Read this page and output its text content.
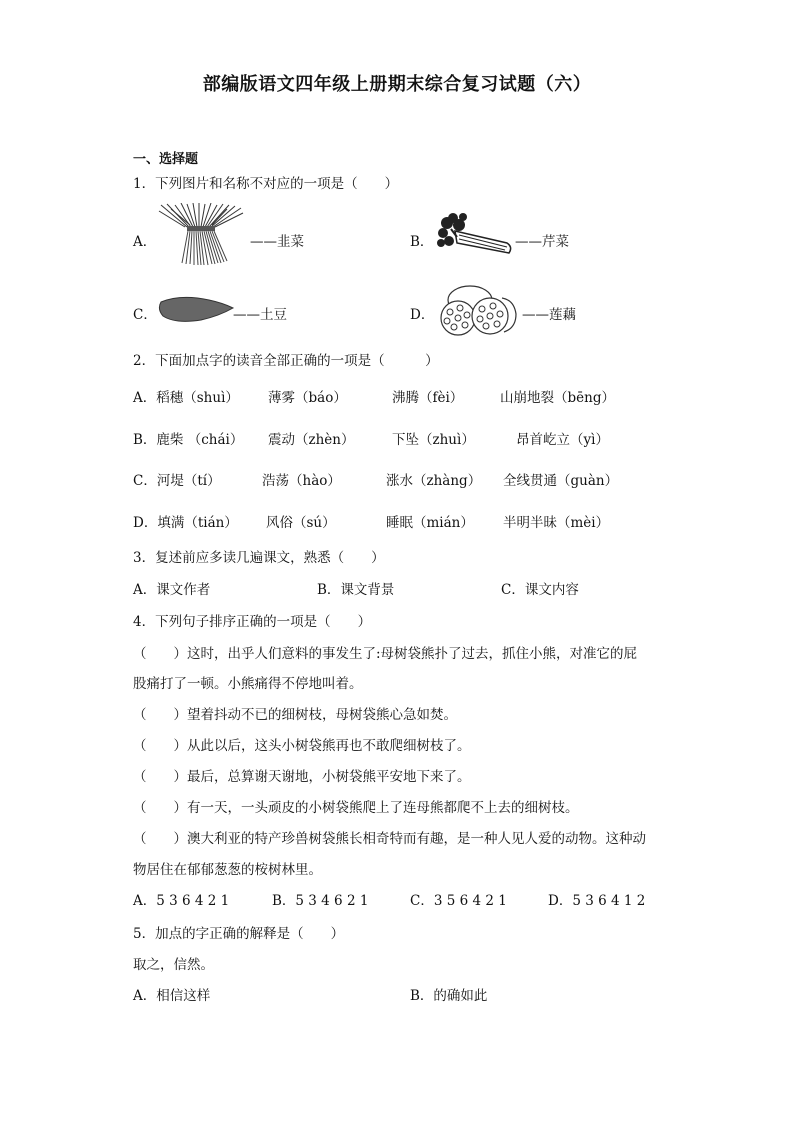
部编版语文四年级上册期末综合复习试题（六）
一、选择题
1．下列图片和名称不对应的一项是（　　）
A．	——韭菜	B．	——芹菜
C．	——土豆	D．	——莲藕
2．下面加点字的读音全部正确的一项是（　　　）
A．稻穗（shuì） 薄雾（báo）	沸腾（fèi）	山崩地裂（bēng）
B．鹿柴 （chái） 震动（zhèn）	下坠（zhuì）	昂首屹立（yì）
C．河堤（tí）	浩荡（hào）	涨水（zhàng） 全线贯通（guàn）
D．填满（tián） 风俗（sú）	睡眠（mián） 半明半昧（mèi）
3．复述前应多读几遍课文，熟悉（　　）
A．课文作者	B．课文背景	C．课文内容
4．下列句子排序正确的一项是（　　）
（　　）这时，出乎人们意料的事发生了:母树袋熊扑了过去，抓住小熊，对准它的屁
股痛打了一顿。小熊痛得不停地叫着。
（　　）望着抖动不已的细树枝，母树袋熊心急如焚。
（　　）从此以后，这头小树袋熊再也不敢爬细树枝了。
（　　）最后，总算谢天谢地，小树袋熊平安地下来了。
（　　）有一天，一头顽皮的小树袋熊爬上了连母熊都爬不上去的细树枝。
（　　）澳大利亚的特产珍兽树袋熊长相奇特而有趣，是一种人见人爱的动物。这种动
物居住在郁郁葱葱的桉树林里。
A．5 3 6 4 2 1	B．5 3 4 6 2 1	C．3 5 6 4 2 1	D．5 3 6 4 1 2
5．加点的字正确的解释是（　　）
取之，信然。
A．相信这样	B．的确如此
